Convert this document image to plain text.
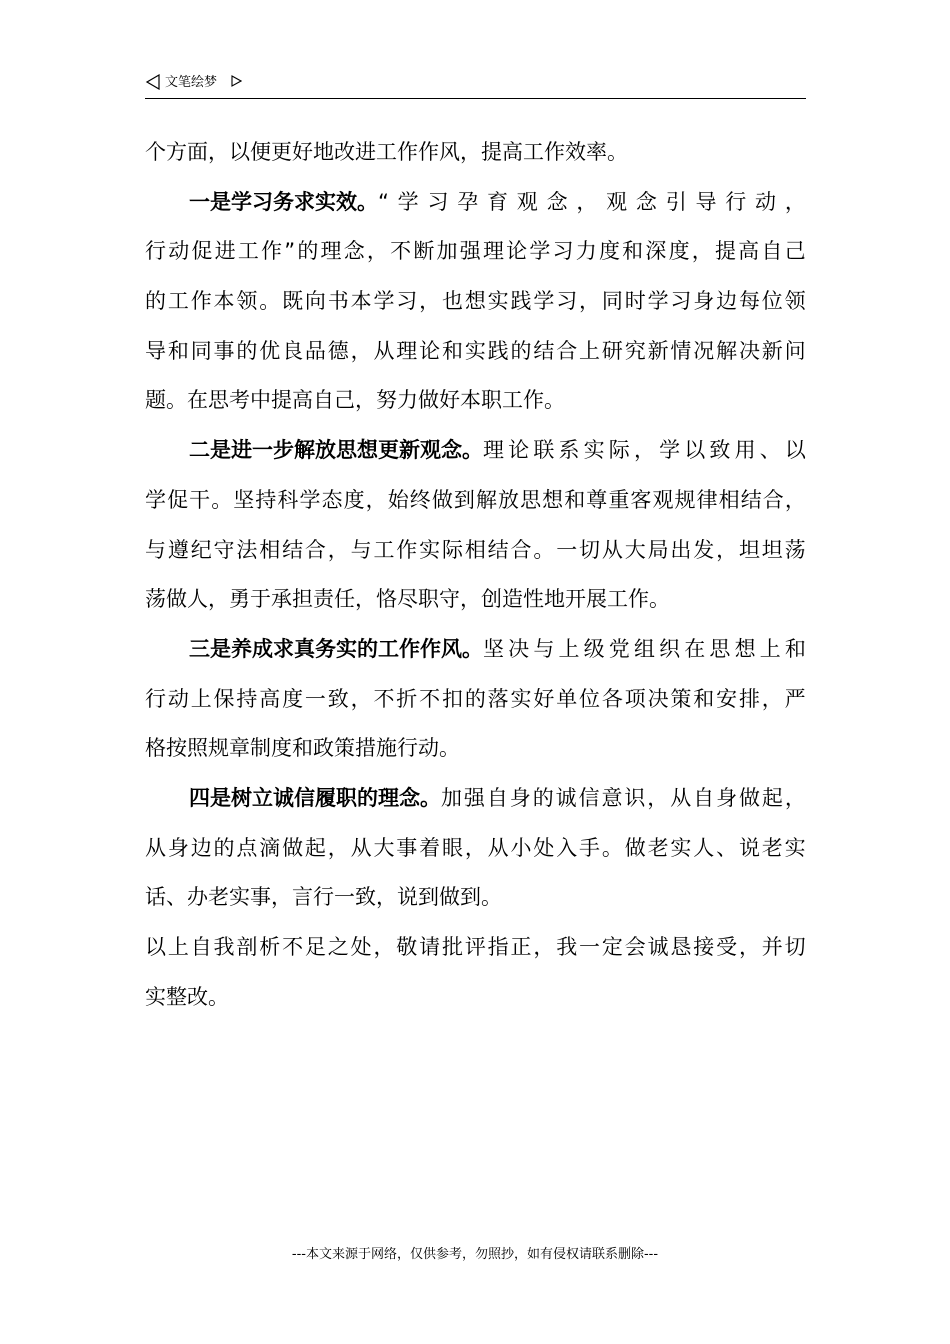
文笔绘梦
个方面，以便更好地改进工作作风，提高工作效率。
一是学习务求实效。 “ 学 习 孕 育 观 念 ， 观 念 引 导 行 动 ，
行 动 促 进 工 作 ” 的 理 念 ， 不 断 加 强 理 论 学 习 力 度 和 深 度 ， 提 高 自 己
的 工 作 本 领 。 既 向 书 本 学 习 ， 也 想 实 践 学 习 ， 同 时 学 习 身 边 每 位 领
导 和 同 事 的 优 良 品 德 ， 从 理 论 和 实 践 的 结 合 上 研 究 新 情 况 解 决 新 问
题。在思考中提高自己，努力做好本职工作。
二是进一步解放思想更新观念。 理 论 联 系 实 际 ， 学 以 致 用 、 以
学 促 干 。 坚 持 科 学 态 度 ， 始 终 做 到 解 放 思 想 和 尊 重 客 观 规 律 相 结 合 ，
与 遵 纪 守 法 相 结 合 ， 与 工 作 实 际 相 结 合 。 一 切 从 大 局 出 发 ， 坦 坦 荡
荡做人，勇于承担责任，恪尽职守，创造性地开展工作。
三是养成求真务实的工作作风。 坚 决 与 上 级 党 组 织 在 思 想 上 和
行 动 上 保 持 高 度 一 致 ， 不 折 不 扣 的 落 实 好 单 位 各 项 决 策 和 安 排 ， 严
格按照规章制度和政策措施行动。
四是树立诚信履职的理念。 加 强 自 身 的 诚 信 意 识 ， 从 自 身 做 起 ，
从 身 边 的 点 滴 做 起 ， 从 大 事 着 眼 ， 从 小 处 入 手 。 做 老 实 人 、 说 老 实
话、办老实事，言行一致，说到做到。
以 上 自 我 剖 析 不 足 之 处 ， 敬 请 批 评 指 正 ， 我 一 定 会 诚 恳 接 受 ， 并 切
实整改。
---本文来源于网络，仅供参考，勿照抄，如有侵权请联系删除---
